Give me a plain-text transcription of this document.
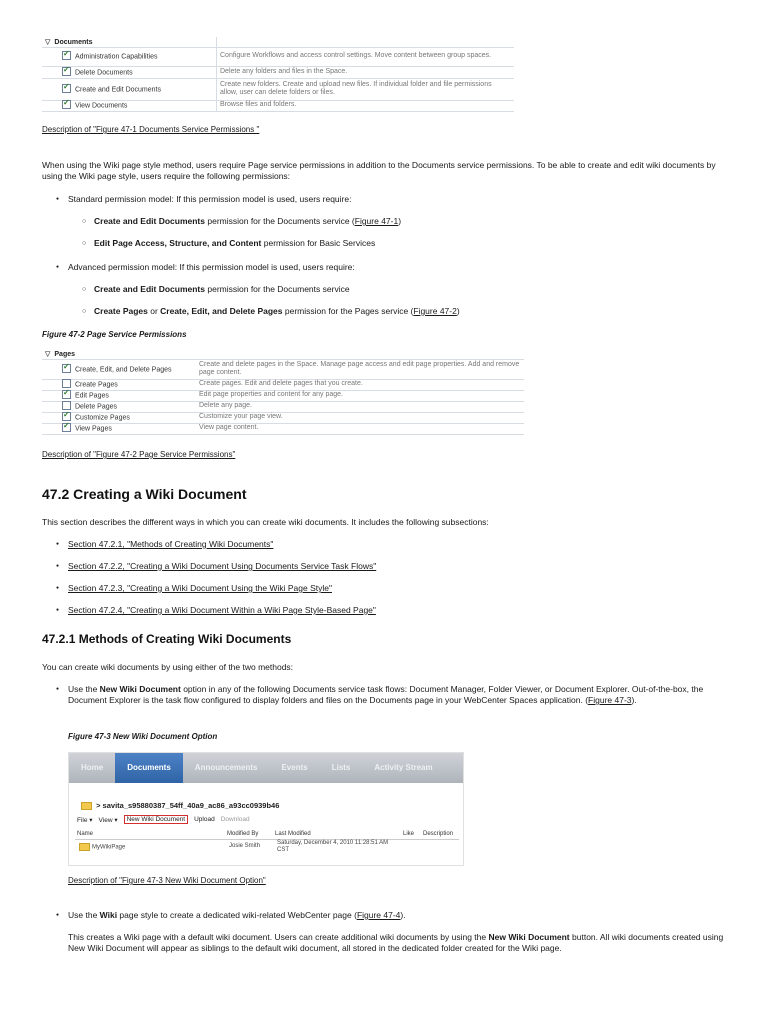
▽ Documents	
✓Administration Capabilities	Configure Workflows and access control settings. Move content between group spaces.
✓Delete Documents	Delete any folders and files in the Space.
✓Create and Edit Documents	Create new folders. Create and upload new files. If individual folder and file permissions allow, user can delete folders or files.
✓View Documents	Browse files and folders.
Description of "Figure 47-1 Documents Service Permissions "

When using the Wiki page style method, users require Page service permissions in addition to the Documents service permissions. To be able to create and edit wiki documents by using the Wiki page style, users require the following permissions:

● Standard permission model: If this permission model is used, users require:
○ Create and Edit Documents permission for the Documents service (Figure 47-1)
○ Edit Page Access, Structure, and Content permission for Basic Services
● Advanced permission model: If this permission model is used, users require:
○ Create and Edit Documents permission for the Documents service
○ Create Pages or Create, Edit, and Delete Pages permission for the Pages service (Figure 47-2)
Figure 47-2 Page Service Permissions
▽ Pages	
✓Create, Edit, and Delete Pages	Create and delete pages in the Space. Manage page access and edit page properties. Add and remove page content.
Create Pages	Create pages. Edit and delete pages that you create.
✓Edit Pages	Edit page properties and content for any page.
Delete Pages	Delete any page.
✓Customize Pages	Customize your page view.
✓View Pages	View page content.
Description of "Figure 47-2 Page Service Permissions"
47.2 Creating a Wiki Document

This section describes the different ways in which you can create wiki documents. It includes the following subsections:

● Section 47.2.1, "Methods of Creating Wiki Documents"
● Section 47.2.2, "Creating a Wiki Document Using Documents Service Task Flows"
● Section 47.2.3, "Creating a Wiki Document Using the Wiki Page Style"
● Section 47.2.4, "Creating a Wiki Document Within a Wiki Page Style-Based Page"
47.2.1 Methods of Creating Wiki Documents

You can create wiki documents by using either of the two methods:

● Use the New Wiki Document option in any of the following Documents service task flows: Document Manager, Folder Viewer, or Document Explorer. Out-of-the-box, the Document Explorer is the task flow configured to display folders and files on the Documents page in your WebCenter Spaces application. (Figure 47-3).
Figure 47-3 New Wiki Document Option
Home	Documents	Announcements	Events	Lists	Activity Stream
> savita_s95880387_54ff_40a9_ac86_a93cc0939b46
File ▾ View ▾	New Wiki Document	Upload Download
Name	Modified By	Last Modified	Like Description
MyWikiPage	Josie Smith	Saturday, December 4, 2010 11:28:51 AM CST
Description of "Figure 47-3 New Wiki Document Option"
● Use the Wiki page style to create a dedicated wiki-related WebCenter page (Figure 47-4).

This creates a Wiki page with a default wiki document. Users can create additional wiki documents by using the New Wiki Document button. All wiki documents created using New Wiki Document will appear as siblings to the default wiki document, all stored in the dedicated folder created for the Wiki page.
